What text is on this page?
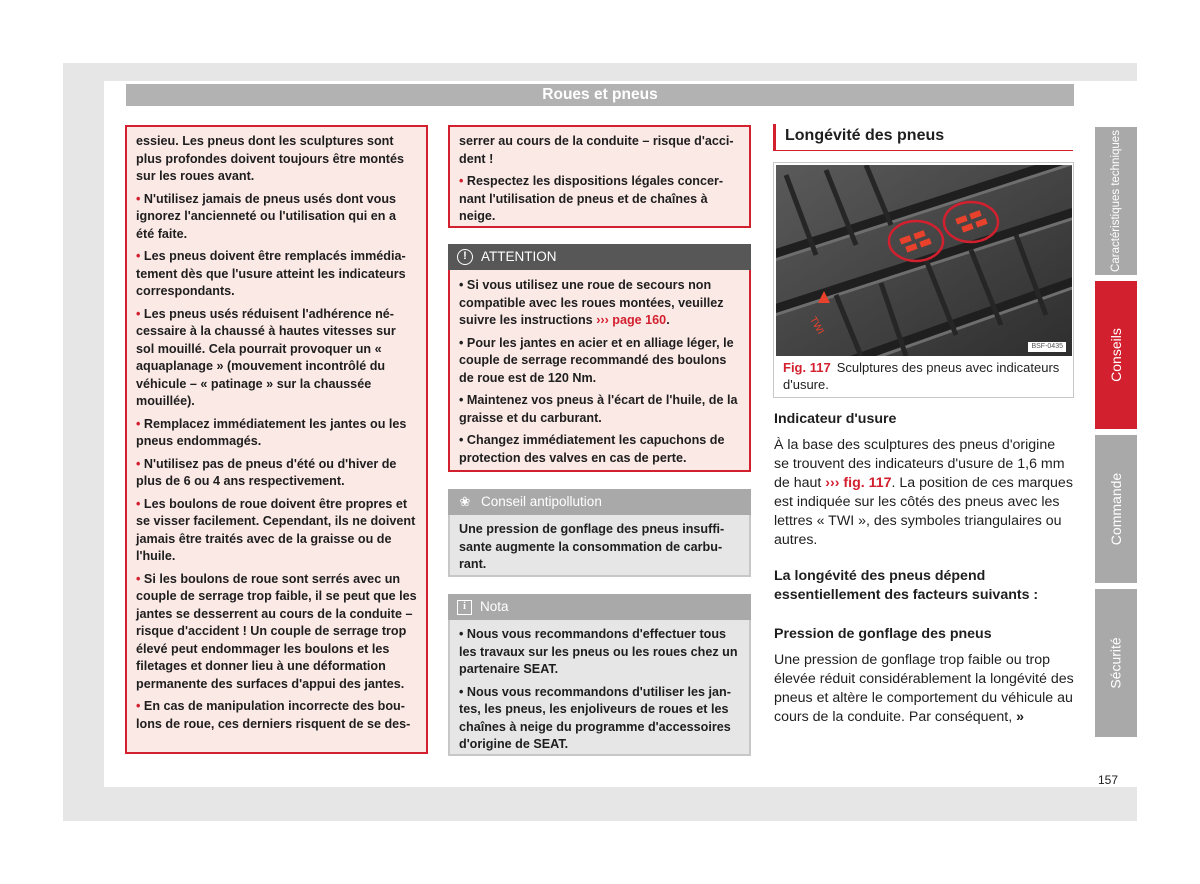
Roues et pneus

essieu. Les pneus dont les sculptures sont plus profondes doivent toujours être montés sur les roues avant.

• N'utilisez jamais de pneus usés dont vous ignorez l'ancienneté ou l'utilisation qui en a été faite.
• Les pneus doivent être remplacés immédiatement dès que l'usure atteint les indicateurs correspondants.
• Les pneus usés réduisent l'adhérence nécessaire à la chaussé à hautes vitesses sur sol mouillé. Cela pourrait provoquer un « aquaplanage » (mouvement incontrôlé du véhicule – « patinage » sur la chaussée mouillée).
• Remplacez immédiatement les jantes ou les pneus endommagés.
• N'utilisez pas de pneus d'été ou d'hiver de plus de 6 ou 4 ans respectivement.
• Les boulons de roue doivent être propres et se visser facilement. Cependant, ils ne doivent jamais être traités avec de la graisse ou de l'huile.
• Si les boulons de roue sont serrés avec un couple de serrage trop faible, il se peut que les jantes se desserrent au cours de la conduite – risque d'accident ! Un couple de serrage trop élevé peut endommager les boulons et les filetages et donner lieu à une déformation permanente des surfaces d'appui des jantes.
• En cas de manipulation incorrecte des boulons de roue, ces derniers risquent de se des-

serrer au cours de la conduite – risque d'accident !

• Respectez les dispositions légales concernant l'utilisation de pneus et de chaînes à neige.
!	ATTENTION
• Si vous utilisez une roue de secours non compatible avec les roues montées, veuillez suivre les instructions ››› page 160.
• Pour les jantes en acier et en alliage léger, le couple de serrage recommandé des boulons de roue est de 120 Nm.
• Maintenez vos pneus à l'écart de l'huile, de la graisse et du carburant.
• Changez immédiatement les capuchons de protection des valves en cas de perte.
❀ Conseil antipollution
Une pression de gonflage des pneus insuffisante augmente la consommation de carburant.
i	Nota
• Nous vous recommandons d'effectuer tous les travaux sur les pneus ou les roues chez un partenaire SEAT.
• Nous vous recommandons d'utiliser les jantes, les pneus, les enjoliveurs de roues et les chaînes à neige du programme d'accessoires d'origine de SEAT.
Longévité des pneus
TWI
BSF-0435
Fig. 117 Sculptures des pneus avec indicateurs d'usure.
Indicateur d'usure
À la base des sculptures des pneus d'origine se trouvent des indicateurs d'usure de 1,6 mm de haut ››› fig. 117. La position de ces marques est indiquée sur les côtés des pneus avec les lettres « TWI », des symboles triangulaires ou autres.
La longévité des pneus dépend essentiellement des facteurs suivants :
Pression de gonflage des pneus
Une pression de gonflage trop faible ou trop élevée réduit considérablement la longévité des pneus et altère le comportement du véhicule au cours de la conduite. Par conséquent, »
Caractéristiques techniques
Conseils
Commande
Sécurité
157
